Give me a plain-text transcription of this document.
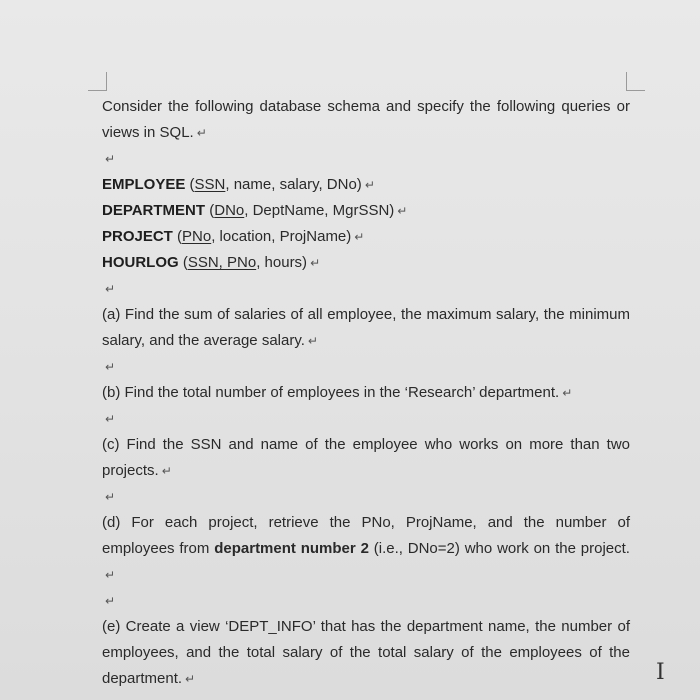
Consider the following database schema and specify the following queries or views in SQL. ↵

↵

EMPLOYEE (SSN, name, salary, DNo) ↵

DEPARTMENT (DNo, DeptName, MgrSSN) ↵

PROJECT (PNo, location, ProjName) ↵

HOURLOG (SSN, PNo, hours) ↵

↵

(a) Find the sum of salaries of all employee, the maximum salary, the minimum salary, and the average salary. ↵

↵

(b) Find the total number of employees in the ‘Research’ department. ↵

↵

(c) Find the SSN and name of the employee who works on more than two projects. ↵

↵

(d) For each project, retrieve the PNo, ProjName, and the number of employees from department number 2 (i.e., DNo=2) who work on the project.↵

↵

(e) Create a view ‘DEPT_INFO’ that has the department name, the number of employees, and the total salary of the total salary of the employees of the department. ↵	I
